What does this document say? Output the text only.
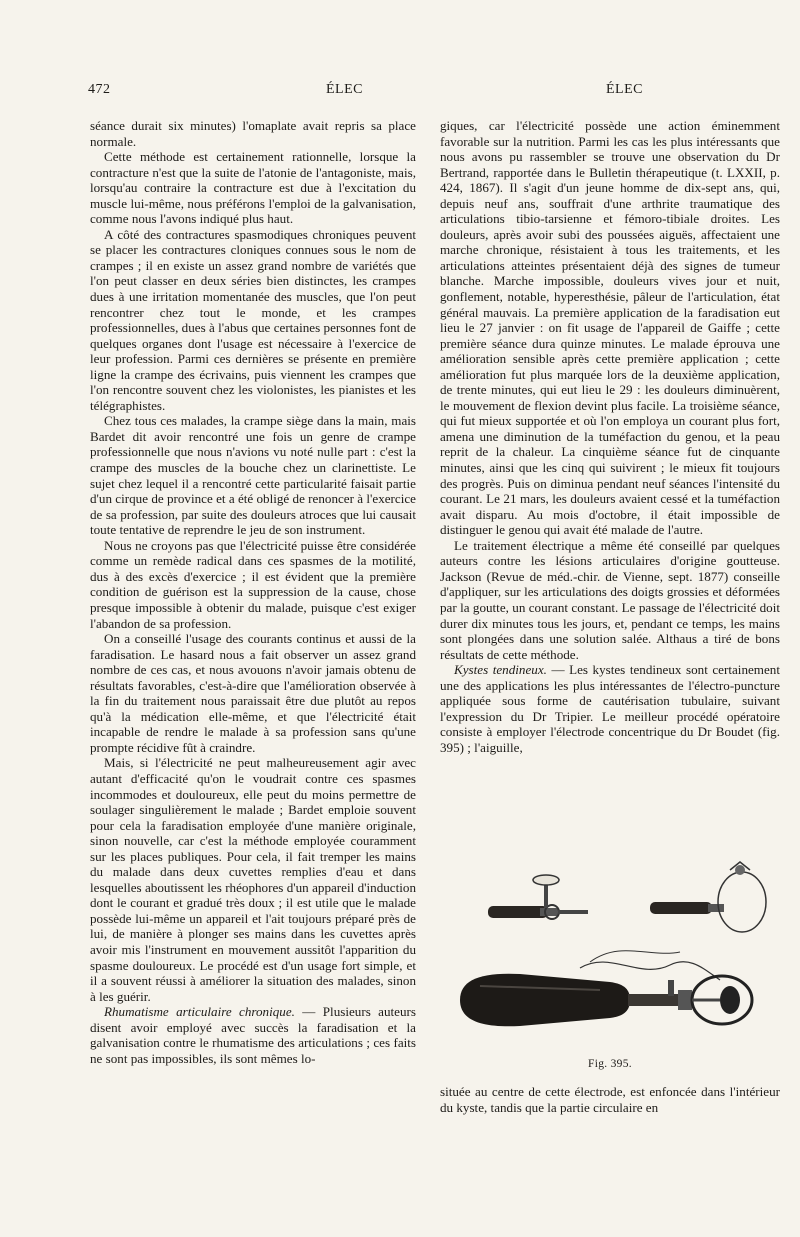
472	ÉLEC	ÉLEC

séance durait six minutes) l'omaplate avait repris sa place normale.

Cette méthode est certainement rationnelle, lorsque la contracture n'est que la suite de l'atonie de l'antagoniste, mais, lorsqu'au contraire la contracture est due à l'excitation du muscle lui-même, nous préférons l'emploi de la galvanisation, comme nous l'avons indiqué plus haut.

A côté des contractures spasmodiques chroniques peuvent se placer les contractures cloniques connues sous le nom de crampes ; il en existe un assez grand nombre de variétés que l'on peut classer en deux séries bien distinctes, les crampes dues à une irritation momentanée des muscles, que l'on peut rencontrer chez tout le monde, et les crampes professionnelles, dues à l'abus que certaines personnes font de quelques organes dont l'usage est nécessaire à l'exercice de leur profession. Parmi ces dernières se présente en première ligne la crampe des écrivains, puis viennent les crampes que l'on rencontre souvent chez les violonistes, les pianistes et les télégraphistes.

Chez tous ces malades, la crampe siège dans la main, mais Bardet dit avoir rencontré une fois un genre de crampe professionnelle que nous n'avions vu noté nulle part : c'est la crampe des muscles de la bouche chez un clarinettiste. Le sujet chez lequel il a rencontré cette particularité faisait partie d'un cirque de province et a été obligé de renoncer à l'exercice de sa profession, par suite des douleurs atroces que lui causait toute tentative de reprendre le jeu de son instrument.

Nous ne croyons pas que l'électricité puisse être considérée comme un remède radical dans ces spasmes de la motilité, dus à des excès d'exercice ; il est évident que la première condition de guérison est la suppression de la cause, chose presque impossible à obtenir du malade, puisque c'est exiger l'abandon de sa profession.

On a conseillé l'usage des courants continus et aussi de la faradisation. Le hasard nous a fait observer un assez grand nombre de ces cas, et nous avouons n'avoir jamais obtenu de résultats favorables, c'est-à-dire que l'amélioration observée à la fin du traitement nous paraissait être due plutôt au repos qu'à la médication elle-même, et que l'électricité était incapable de rendre le malade à sa profession sans qu'une prompte récidive fût à craindre.

Mais, si l'électricité ne peut malheureusement agir avec autant d'efficacité qu'on le voudrait contre ces spasmes incommodes et douloureux, elle peut du moins permettre de soulager singulièrement le malade ; Bardet emploie souvent pour cela la faradisation employée d'une manière originale, sinon nouvelle, car c'est la méthode employée couramment sur les places publiques. Pour cela, il fait tremper les mains du malade dans deux cuvettes remplies d'eau et dans lesquelles aboutissent les rhéophores d'un appareil d'induction dont le courant et gradué très doux ; il est utile que le malade possède lui-même un appareil et l'ait toujours préparé près de lui, de manière à plonger ses mains dans les cuvettes après avoir mis l'instrument en mouvement aussitôt l'apparition du spasme douloureux. Le procédé est d'un usage fort simple, et il a souvent réussi à améliorer la situation des malades, sinon à les guérir.

Rhumatisme articulaire chronique. — Plusieurs auteurs disent avoir employé avec succès la faradisation et la galvanisation contre le rhumatisme des articulations ; ces faits ne sont pas impossibles, ils sont mêmes lo-

giques, car l'électricité possède une action éminemment favorable sur la nutrition. Parmi les cas les plus intéressants que nous avons pu rassembler se trouve une observation du Dr Bertrand, rapportée dans le Bulletin thérapeutique (t. LXXII, p. 424, 1867). Il s'agit d'un jeune homme de dix-sept ans, qui, depuis neuf ans, souffrait d'une arthrite traumatique des articulations tibio-tarsienne et fémoro-tibiale droites. Les douleurs, après avoir subi des poussées aiguës, affectaient une marche chronique, résistaient à tous les traitements, et les articulations atteintes présentaient déjà des signes de tumeur blanche. Marche impossible, douleurs vives jour et nuit, gonflement, notable, hyperesthésie, pâleur de l'articulation, état général mauvais. La première application de la faradisation eut lieu le 27 janvier : on fit usage de l'appareil de Gaiffe ; cette première séance dura quinze minutes. Le malade éprouva une amélioration sensible après cette première application ; cette amélioration fut plus marquée lors de la deuxième application, de trente minutes, qui eut lieu le 29 : les douleurs diminuèrent, le mouvement de flexion devint plus facile. La troisième séance, qui fut mieux supportée et où l'on employa un courant plus fort, amena une diminution de la tuméfaction du genou, et la peau reprit de la chaleur. La cinquième séance fut de cinquante minutes, ainsi que les cinq qui suivirent ; le mieux fit toujours des progrès. Puis on diminua pendant neuf séances l'intensité du courant. Le 21 mars, les douleurs avaient cessé et la tuméfaction avait disparu. Au mois d'octobre, il était impossible de distinguer le genou qui avait été malade de l'autre.

Le traitement électrique a même été conseillé par quelques auteurs contre les lésions articulaires d'origine goutteuse. Jackson (Revue de méd.-chir. de Vienne, sept. 1877) conseille d'appliquer, sur les articulations des doigts grossies et déformées par la goutte, un courant constant. Le passage de l'électricité doit durer dix minutes tous les jours, et, pendant ce temps, les mains sont plongées dans une solution salée. Althaus a tiré de bons résultats de cette méthode.

Kystes tendineux. — Les kystes tendineux sont certainement une des applications les plus intéressantes de l'électro-puncture appliquée sous forme de cautérisation tubulaire, suivant l'expression du Dr Tripier. Le meilleur procédé opératoire consiste à employer l'électrode concentrique du Dr Boudet (fig. 395) ; l'aiguille,

Fig. 395.

située au centre de cette électrode, est enfoncée dans l'intérieur du kyste, tandis que la partie circulaire en
